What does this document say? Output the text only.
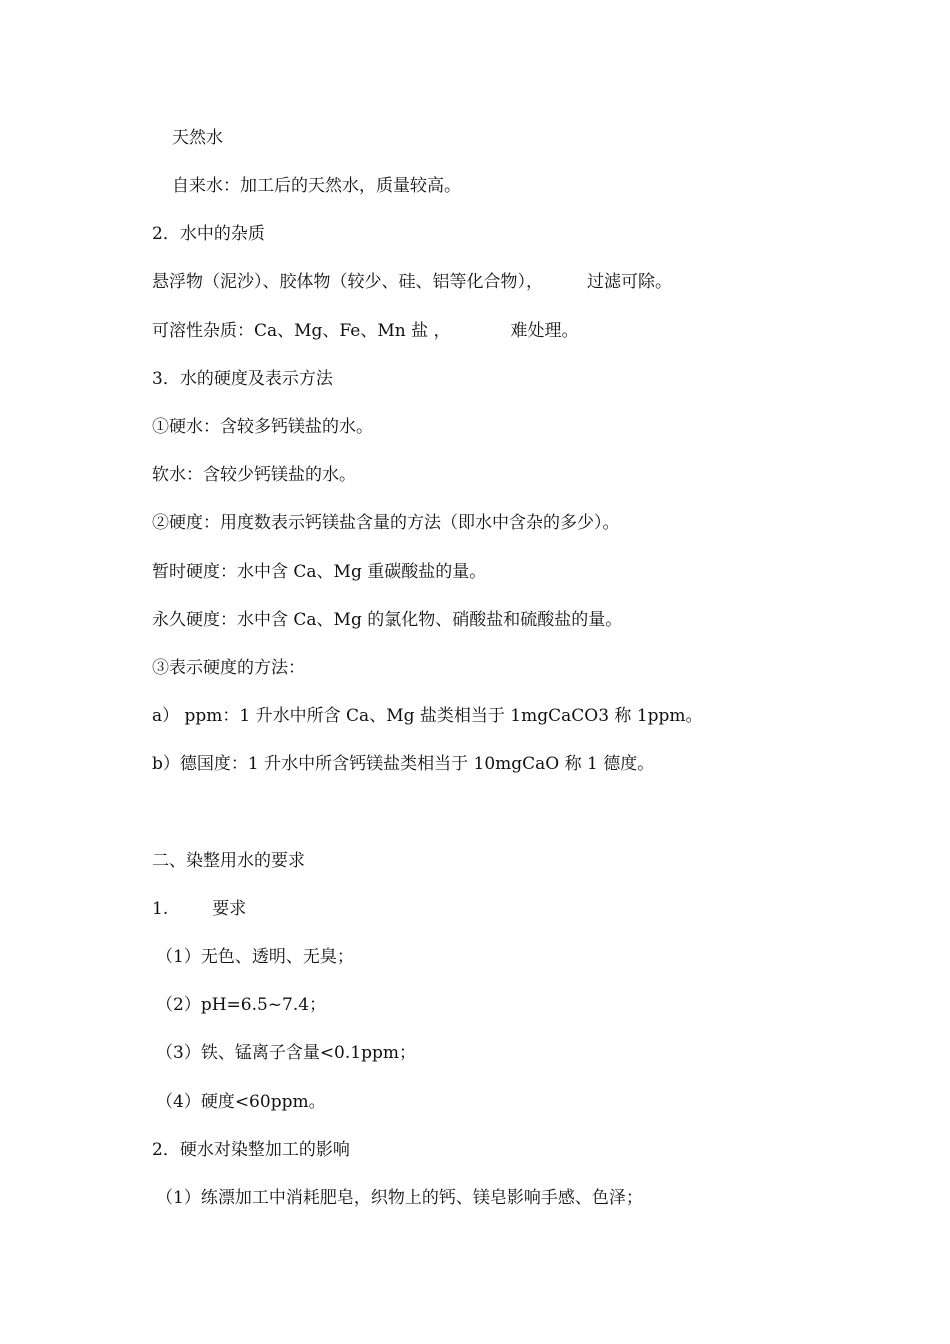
天然水
自来水：加工后的天然水，质量较高。
2．水中的杂质
悬浮物（泥沙）、胶体物（较少、硅、铝等化合物），	过滤可除。
可溶性杂质：Ca、Mg、Fe、Mn 盐 ，	难处理。
3．水的硬度及表示方法
①硬水：含较多钙镁盐的水。
软水：含较少钙镁盐的水。
②硬度：用度数表示钙镁盐含量的方法（即水中含杂的多少）。
暂时硬度：水中含 Ca、Mg 重碳酸盐的量。
永久硬度：水中含 Ca、Mg 的氯化物、硝酸盐和硫酸盐的量。
③表示硬度的方法：
a） ppm：1 升水中所含 Ca、Mg 盐类相当于 1mgCaCO3 称 1ppm。
b）德国度：1 升水中所含钙镁盐类相当于 10mgCaO 称 1 德度。
二、染整用水的要求
1.	要求
（1）无色、透明、无臭；
（2）pH=6.5~7.4；
（3）铁、锰离子含量<0.1ppm；
（4）硬度<60ppm。
2．硬水对染整加工的影响
（1）练漂加工中消耗肥皂，织物上的钙、镁皂影响手感、色泽；
